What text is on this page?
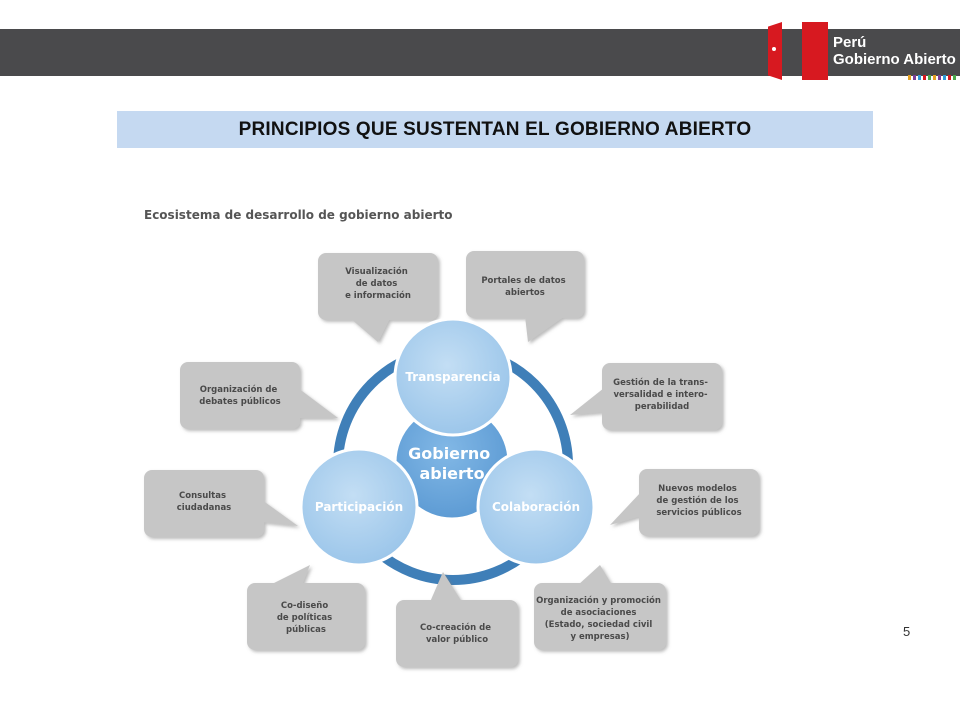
Perú
Gobierno Abierto
PRINCIPIOS QUE SUSTENTAN EL GOBIERNO ABIERTO
Ecosistema de desarrollo de gobierno abierto
Visualización de datos e información
Portales de datos abiertos
Organización de debates públicos
Gestión de la trans- versalidad e intero- perabilidad
Consultas ciudadanas
Nuevos modelos de gestión de los servicios públicos
Co-diseño de políticas públicas	Co-creación de valor público
Organización y promoción de asociaciones (Estado, sociedad civil y empresas)
Gobierno abierto
Transparencia
Participación	Colaboración
5
